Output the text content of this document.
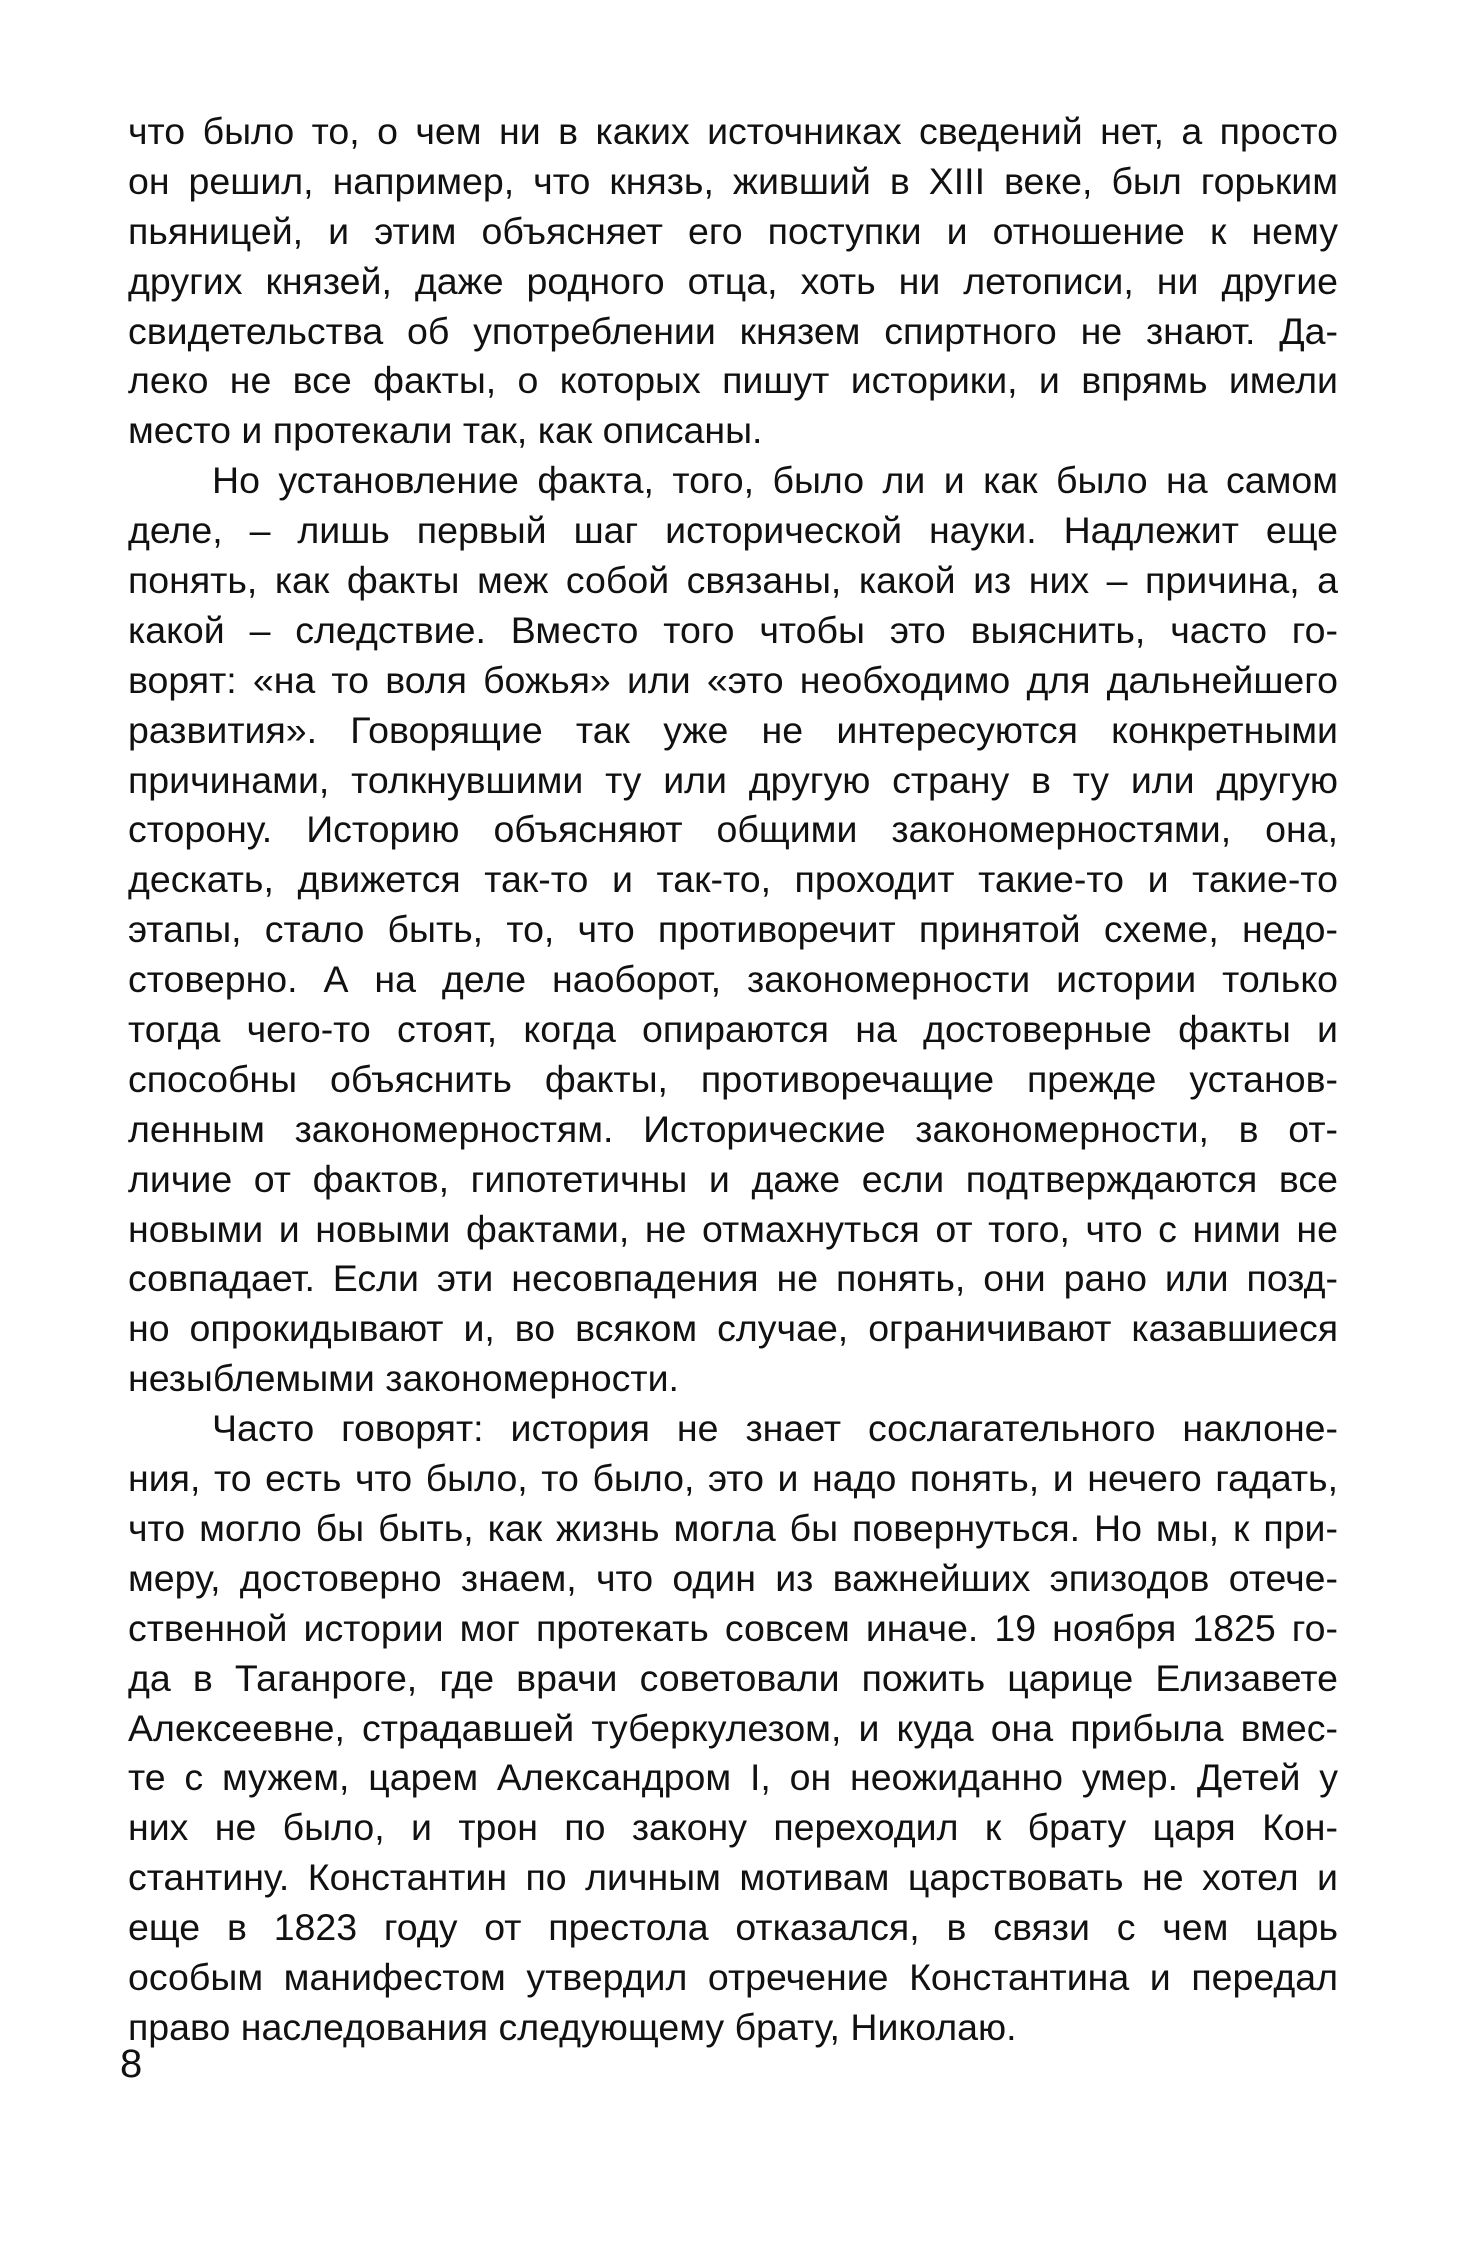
что было то, о чем ни в каких источниках сведений нет, а просто
он решил, например, что князь, живший в XIII веке, был горьким
пьяницей, и этим объясняет его поступки и отношение к нему
других князей, даже родного отца, хоть ни летописи, ни другие
свидетельства об употреблении князем спиртного не знают. Да-
леко не все факты, о которых пишут историки, и впрямь имели
место и протекали так, как описаны.
Но установление факта, того, было ли и как было на самом
деле, – лишь первый шаг исторической науки. Надлежит еще
понять, как факты меж собой связаны, какой из них – причина, а
какой – следствие. Вместо того чтобы это выяснить, часто го-
ворят: «на то воля божья» или «это необходимо для дальнейшего
развития». Говорящие так уже не интересуются конкретными
причинами, толкнувшими ту или другую страну в ту или другую
сторону. Историю объясняют общими закономерностями, она,
дескать, движется так-то и так-то, проходит такие-то и такие-то
этапы, стало быть, то, что противоречит принятой схеме, недо-
стоверно. А на деле наоборот, закономерности истории только
тогда чего-то стоят, когда опираются на достоверные факты и
способны объяснить факты, противоречащие прежде установ-
ленным закономерностям. Исторические закономерности, в от-
личие от фактов, гипотетичны и даже если подтверждаются все
новыми и новыми фактами, не отмахнуться от того, что с ними не
совпадает. Если эти несовпадения не понять, они рано или позд-
но опрокидывают и, во всяком случае, ограничивают казавшиеся
незыблемыми закономерности.
Часто говорят: история не знает сослагательного наклоне-
ния, то есть что было, то было, это и надо понять, и нечего гадать,
что могло бы быть, как жизнь могла бы повернуться. Но мы, к при-
меру, достоверно знаем, что один из важнейших эпизодов отече-
ственной истории мог протекать совсем иначе. 19 ноября 1825 го-
да в Таганроге, где врачи советовали пожить царице Елизавете
Алексеевне, страдавшей туберкулезом, и куда она прибыла вмес-
те с мужем, царем Александром I, он неожиданно умер. Детей у
них не было, и трон по закону переходил к брату царя Кон-
стантину. Константин по личным мотивам царствовать не хотел и
еще в 1823 году от престола отказался, в связи с чем царь
особым манифестом утвердил отречение Константина и передал
право наследования следующему брату, Николаю.
8
